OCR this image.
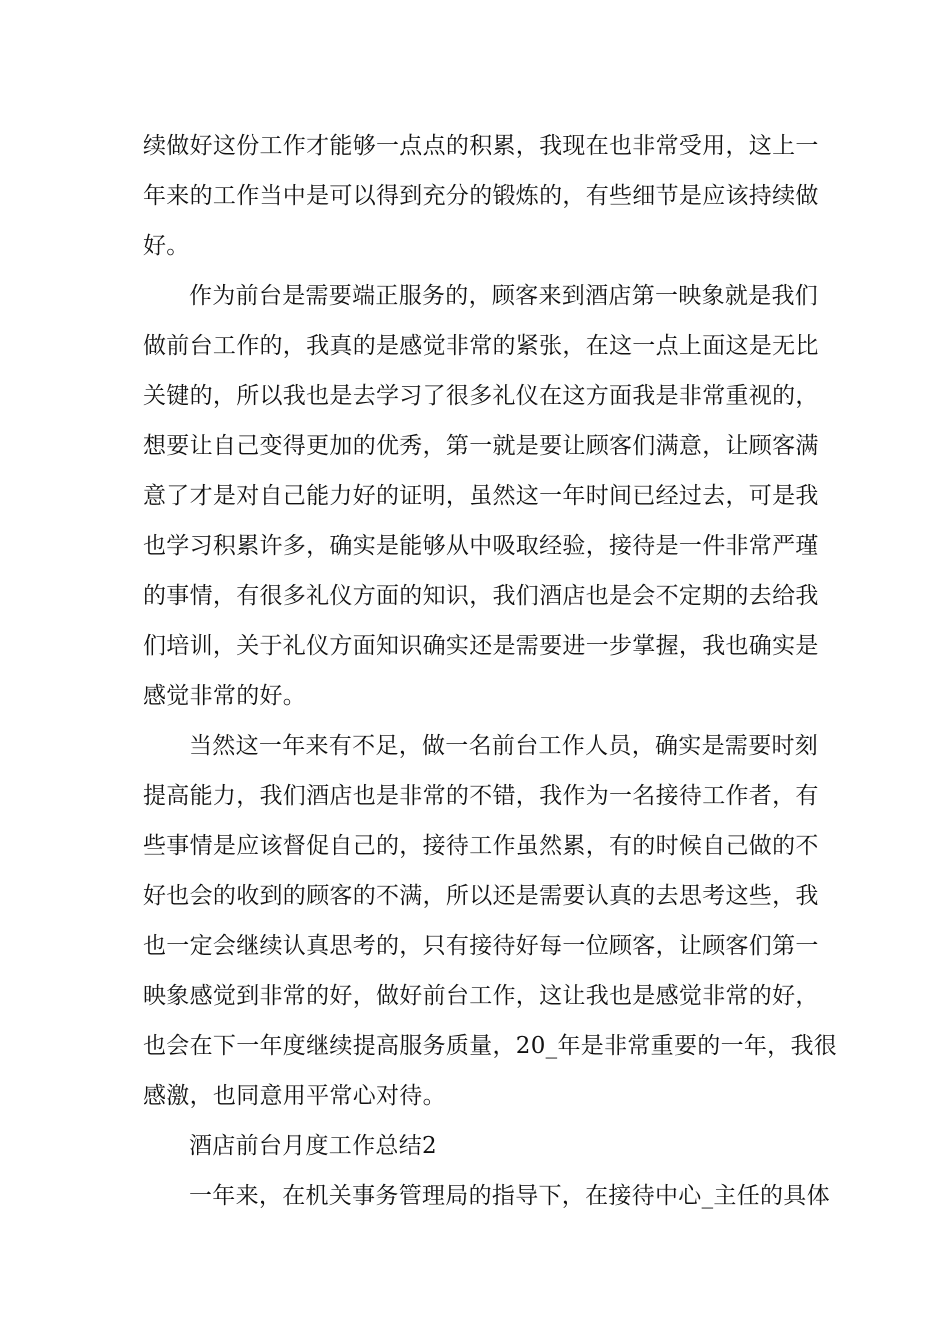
续做好这份工作才能够一点点的积累，我现在也非常受用，这上一
年来的工作当中是可以得到充分的锻炼的，有些细节是应该持续做
好。
作为前台是需要端正服务的，顾客来到酒店第一映象就是我们
做前台工作的，我真的是感觉非常的紧张，在这一点上面这是无比
关键的，所以我也是去学习了很多礼仪在这方面我是非常重视的，
想要让自己变得更加的优秀，第一就是要让顾客们满意，让顾客满
意了才是对自己能力好的证明，虽然这一年时间已经过去，可是我
也学习积累许多，确实是能够从中吸取经验，接待是一件非常严瑾
的事情，有很多礼仪方面的知识，我们酒店也是会不定期的去给我
们培训，关于礼仪方面知识确实还是需要进一步掌握，我也确实是
感觉非常的好。
当然这一年来有不足，做一名前台工作人员，确实是需要时刻
提高能力，我们酒店也是非常的不错，我作为一名接待工作者，有
些事情是应该督促自己的，接待工作虽然累，有的时候自己做的不
好也会的收到的顾客的不满，所以还是需要认真的去思考这些，我
也一定会继续认真思考的，只有接待好每一位顾客，让顾客们第一
映象感觉到非常的好，做好前台工作，这让我也是感觉非常的好，
也会在下一年度继续提高服务质量，20_年是非常重要的一年，我很
感激，也同意用平常心对待。
酒店前台月度工作总结2
一年来，在机关事务管理局的指导下，在接待中心_主任的具体
